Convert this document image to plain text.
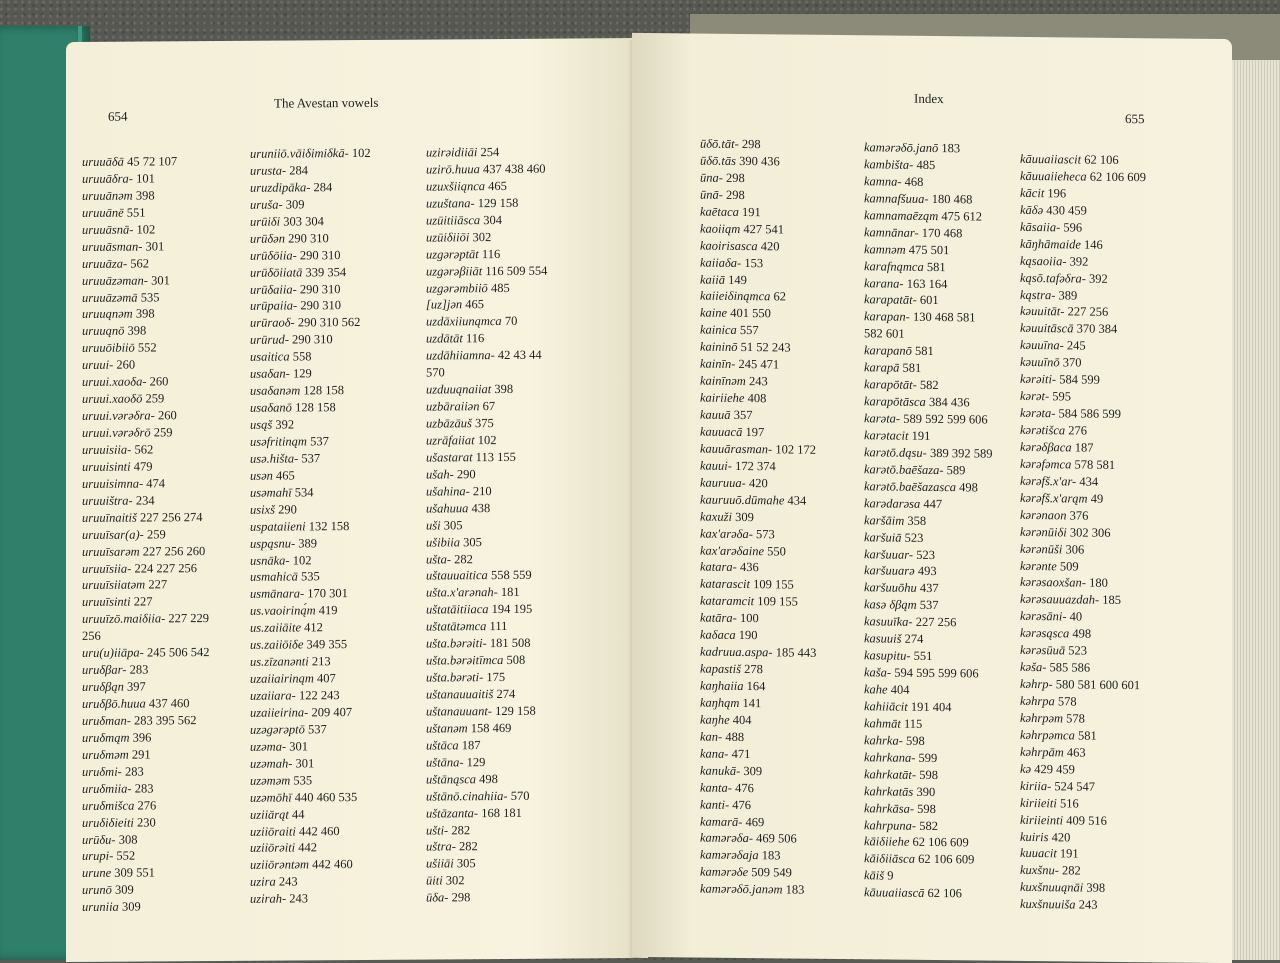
654
The Avestan vowels
uruuāδā 45 72 107
uruuāδra- 101
uruuānəm 398
uruuānē 551
uruuāsnā- 102
uruuāsman- 301
uruuāza- 562
uruuāzəman- 301
uruuāzəmā 535
uruuąnəm 398
uruuąnō 398
uruuōibiiō 552
uruui- 260
uruui.xaoδa- 260
uruui.xaoδō 259
uruui.vərəδra- 260
uruui.vərəδrō 259
uruuisiia- 562
uruuisinti 479
uruuisimna- 474
uruuištra- 234
uruuīnaitiš 227 256 274
uruuīsar(a)- 259
uruuīsarəm 227 256 260
uruuīsiia- 224 227 256
uruuīsiiatəm 227
uruuīsinti 227
uruuīzō.maiδiia- 227 229
256
uru(u)iiāpa- 245 506 542
uruδβar- 283
uruδβąn 397
uruδβō.huua 437 460
uruδman- 283 395 562
uruδmąm 396
uruδməm 291
uruδmi- 283
uruδmiia- 283
uruδmišca 276
uruδiδieiti 230
urūδu- 308
urupi- 552
urune 309 551
urunō 309
uruniia 309
uruniiō.vāiδimiδkā- 102
urusta- 284
uruzdipāka- 284
uruša- 309
urūiδi 303 304
urūδən 290 310
urūδōiia- 290 310
urūδōiiatā 339 354
urūδaiia- 290 310
urūpaiia- 290 310
urūraoδ- 290 310 562
urūrud- 290 310
usaitica 558
usaδan- 129
usaδanəm 128 158
usaδanō 128 158
usąš 392
usəfritinąm 537
usə.hišta- 537
usən 465
usəmahī 534
usixš 290
uspataiieni 132 158
uspąsnu- 389
usnāka- 102
usmahicā 535
usmānara- 170 301
us.vaoiriną́m 419
us.zaiiāite 412
us.zaiiōiδe 349 355
us.zīzanənti 213
uzaiiairinąm 407
uzaiiara- 122 243
uzaiieirina- 209 407
uzəgərəptō 537
uzəma- 301
uzəmah- 301
uzəməm 535
uzəmōhī 440 460 535
uziiārąt 44
uziiōraiti 442 460
uziiōrəiti 442
uziiōrəntəm 442 460
uzira 243
uzirah- 243
uzirəidiiāi 254
uzirō.huua 437 438 460
uzuxšiiąnca 465
uzuštana- 129 158
uzūitiiāsca 304
uzūiδiiōi 302
uzgərəptāt 116
uzgərəβiiāt 116 509 554
uzgərəmbiiō 485
[uz]jən 465
uzdāxiiunąmca 70
uzdātāt 116
uzdāhiiamna- 42 43 44
570
uzduuąnaiiat 398
uzbāraiiən 67
uzbāzāuš 375
uzrāfaiiat 102
ušastarat 113 155
ušah- 290
ušahina- 210
ušahuua 438
uši 305
ušibiia 305
ušta- 282
uštauuaitica 558 559
ušta.x'arənah- 181
uštatāitiiaca 194 195
uštatātəmca 111
ušta.bərəiti- 181 508
ušta.bərəitīmca 508
ušta.bərəti- 175
uštanauuaitiš 274
uštanauuant- 129 158
uštanəm 158 469
uštāca 187
uštāna- 129
uštānąsca 498
uštānō.cinahiia- 570
uštāzanta- 168 181
ušti- 282
uštra- 282
ušiiāi 305
ūiti 302
ūδa- 298
Index
655
ūδō.tāt- 298
ūδō.tās 390 436
ūna- 298
ūnā- 298
kaētaca 191
kaoiiąm 427 541
kaoirisasca 420
kaiiaδa- 153
kaiiā 149
kaiieiδinąmca 62
kaine 401 550
kainica 557
kaininō 51 52 243
kainīn- 245 471
kainīnəm 243
kairiiehe 408
kauuā 357
kauuacā 197
kauuārasman- 102 172
kauui- 172 374
kauruua- 420
kauruuō.dūmahe 434
kaxuži 309
kax'arəδa- 573
kax'arəδaine 550
katara- 436
katarascit 109 155
kataramcit 109 155
katāra- 100
kaδaca 190
kadruua.aspa- 185 443
kapastiš 278
kaŋhaiia 164
kaŋhąm 141
kaŋhe 404
kan- 488
kana- 471
kanukā- 309
kanta- 476
kanti- 476
kamarā- 469
kamərəδa- 469 506
kamərəδaja 183
kamərəδe 509 549
kamərəδō.janəm 183
kamərəδō.janō 183
kambišta- 485
kamna- 468
kamnafšuua- 180 468
kamnamaēząm 475 612
kamnānar- 170 468
kamnəm 475 501
karafnąmca 581
karana- 163 164
karapatāt- 601
karapan- 130 468 581
582 601
karapanō 581
karapā 581
karapōtāt- 582
karapōtāsca 384 436
karəta- 589 592 599 606
karətacit 191
karətō.dąsu- 389 392 589
karətō.baēšaza- 589
karətō.baēšazasca 498
karədarəsa 447
karšāim 358
karšuiā 523
karšuuar- 523
karšuuarə 493
karšuuōhu 437
kasə δβąm 537
kasuuīka- 227 256
kasuuiš 274
kasupitu- 551
kaša- 594 595 599 606
kahe 404
kahiiācit 191 404
kahmāt 115
kahrka- 598
kahrkana- 599
kahrkatāt- 598
kahrkatās 390
kahrkāsa- 598
kahrpuna- 582
kāiδiiehe 62 106 609
kāiδiiāsca 62 106 609
kāiš 9
kāuuaiiascā 62 106
kāuuaiiascit 62 106
kāuuaiieheca 62 106 609
kācit 196
kāδə 430 459
kāsaiia- 596
kāŋhāmaide 146
kąsaoiia- 392
kąsō.tafəδra- 392
kąstra- 389
kəuuitāt- 227 256
kəuuitāscā 370 384
kəuuīna- 245
kəuuīnō 370
kərəiti- 584 599
kərət- 595
kərəta- 584 586 599
kərətišca 276
kərəδβaca 187
kərəfəmca 578 581
kərəfš.x'ar- 434
kərəfš.x'arąm 49
kərənaon 376
kərənūiδi 302 306
kərənūši 306
kərənte 509
kərəsaoxšan- 180
kərəsauuazdah- 185
kərəsāni- 40
kərəsąsca 498
kərəsūuā 523
kəša- 585 586
kəhrp- 580 581 600 601
kəhrpa 578
kəhrpəm 578
kəhrpəmca 581
kəhrpām 463
kə 429 459
kiriia- 524 547
kiriieiti 516
kiriieinti 409 516
kuiris 420
kuuacit 191
kuxšnu- 282
kuxšnuuąnāi 398
kuxšnuuiša 243
